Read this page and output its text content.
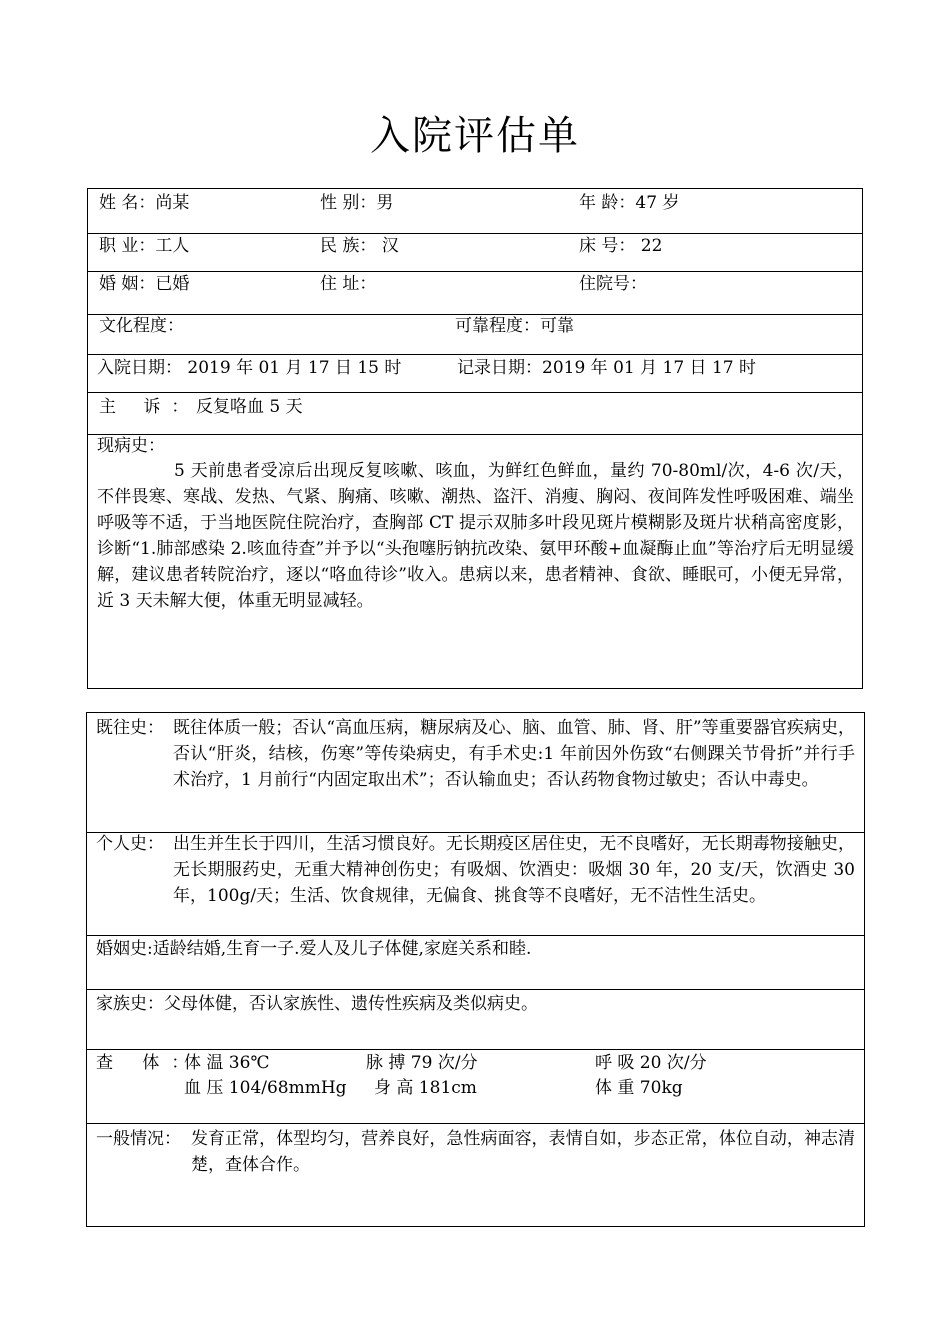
入院评估单
姓 名：尚某	性 别：男	年 龄：47 岁
职 业：工人	民 族： 汉	床 号： 22
婚 姻：已婚	住 址：	住院号：
文化程度：	可靠程度：可靠
入院日期： 2019 年 01 月 17 日 15 时	记录日期：2019 年 01 月 17 日 17 时
主 诉：
反复咯血 5 天
现病史：
5 天前患者受凉后出现反复咳嗽、咳血，为鲜红色鲜血，量约 70-80ml/次，4-6 次/天，不伴畏寒、寒战、发热、气紧、胸痛、咳嗽、潮热、盗汗、消瘦、胸闷、夜间阵发性呼吸困难、端坐呼吸等不适，于当地医院住院治疗，查胸部 CT 提示双肺多叶段见斑片模糊影及斑片状稍高密度影，诊断“1.肺部感染 2.咳血待查”并予以“头孢噻肟钠抗改染、氨甲环酸+血凝酶止血”等治疗后无明显缓解，建议患者转院治疗，逐以“咯血待诊”收入。患病以来，患者精神、食欲、睡眠可，小便无异常，近 3 天未解大便，体重无明显减轻。
既往史： 既往体质一般；否认“高血压病，糖尿病及心、脑、血管、肺、肾、肝”等重要器官疾病史，否认“肝炎，结核，伤寒”等传染病史，有手术史:1 年前因外伤致“右侧踝关节骨折”并行手术治疗，1 月前行“内固定取出术”；否认输血史；否认药物食物过敏史；否认中毒史。
个人史： 出生并生长于四川，生活习惯良好。无长期疫区居住史，无不良嗜好，无长期毒物接触史，无长期服药史，无重大精神创伤史；有吸烟、饮酒史：吸烟 30 年，20 支/天，饮酒史 30 年，100g/天；生活、饮食规律，无偏食、挑食等不良嗜好，无不洁性生活史。
婚姻史:适龄结婚,生育一子.爱人及儿子体健,家庭关系和睦.
家族史：父母体健，否认家族性、遗传性疾病及类似病史。
查 体：
体 温 36℃	脉 搏 79 次/分	呼 吸 20 次/分
血 压 104/68mmHg 身 高 181cm	体 重 70kg
一般情况： 发育正常，体型均匀，营养良好，急性病面容，表情自如，步态正常，体位自动，神志清楚，查体合作。
